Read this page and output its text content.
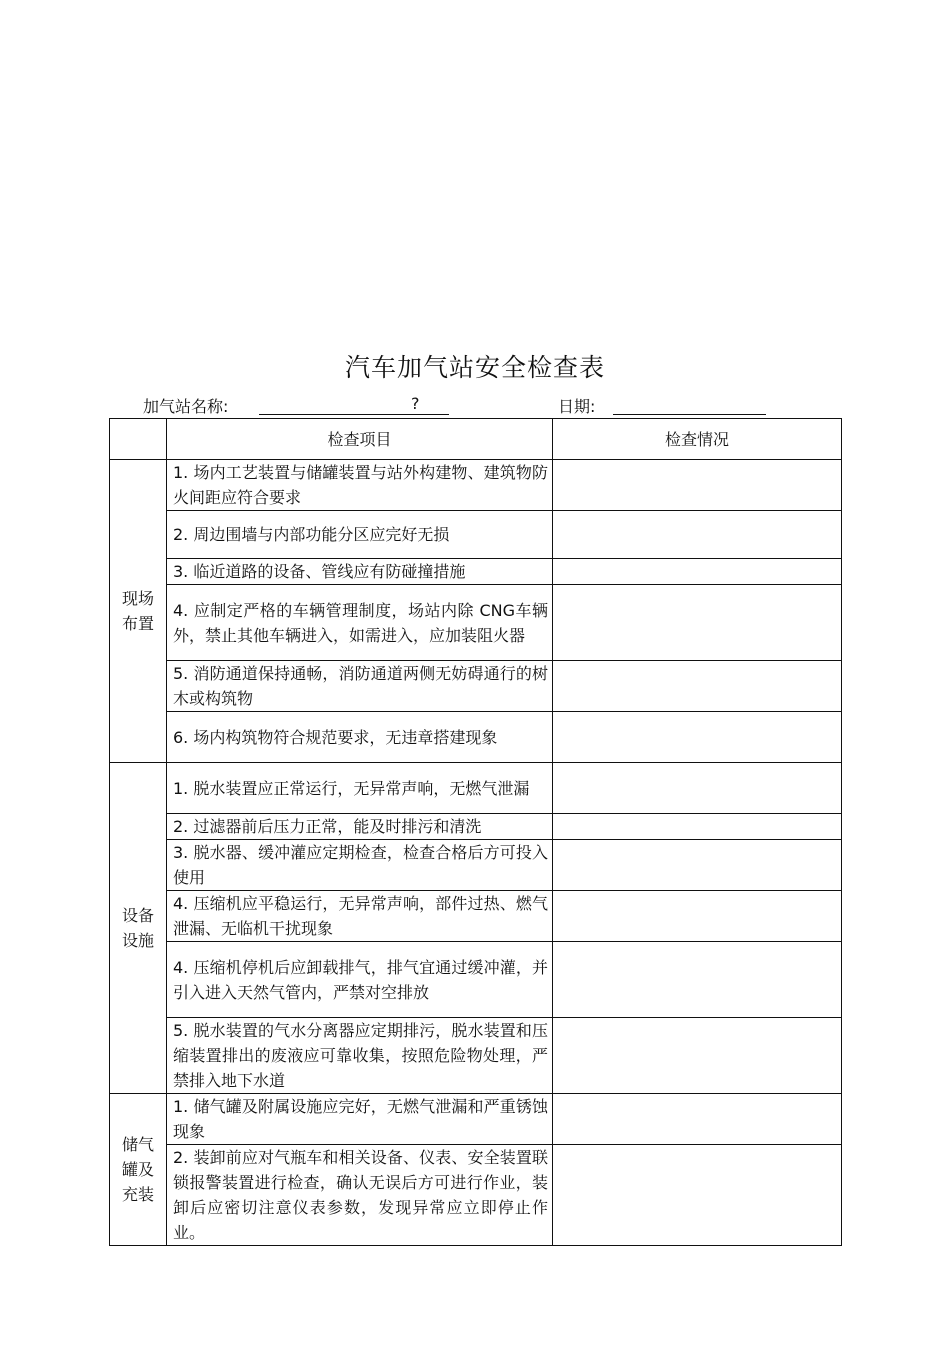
汽车加气站安全检查表
加气站名称:	?	日期:
	检查项目	检查情况
现场布置	1. 场内工艺装置与储罐装置与站外构建物、建筑物防火间距应符合要求	
	2. 周边围墙与内部功能分区应完好无损	
	3. 临近道路的设备、管线应有防碰撞措施	
	4. 应制定严格的车辆管理制度，场站内除 CNG车辆外，禁止其他车辆进入，如需进入，应加装阻火器	
	5. 消防通道保持通畅，消防通道两侧无妨碍通行的树木或构筑物	
	6. 场内构筑物符合规范要求，无违章搭建现象	
设备设施	1. 脱水装置应正常运行，无异常声响，无燃气泄漏	
	2. 过滤器前后压力正常，能及时排污和清洗	
	3. 脱水器、缓冲灌应定期检查，检查合格后方可投入使用	
	4. 压缩机应平稳运行，无异常声响，部件过热、燃气泄漏、无临机干扰现象	
	4. 压缩机停机后应卸载排气，排气宜通过缓冲灌，并引入进入天然气管内，严禁对空排放	
	5. 脱水装置的气水分离器应定期排污，脱水装置和压缩装置排出的废液应可靠收集，按照危险物处理，严禁排入地下水道	
储气罐及充装	1. 储气罐及附属设施应完好，无燃气泄漏和严重锈蚀现象	
	2. 装卸前应对气瓶车和相关设备、仪表、安全装置联锁报警装置进行检查，确认无误后方可进行作业，装卸后应密切注意仪表参数，发现异常应立即停止作业。	
